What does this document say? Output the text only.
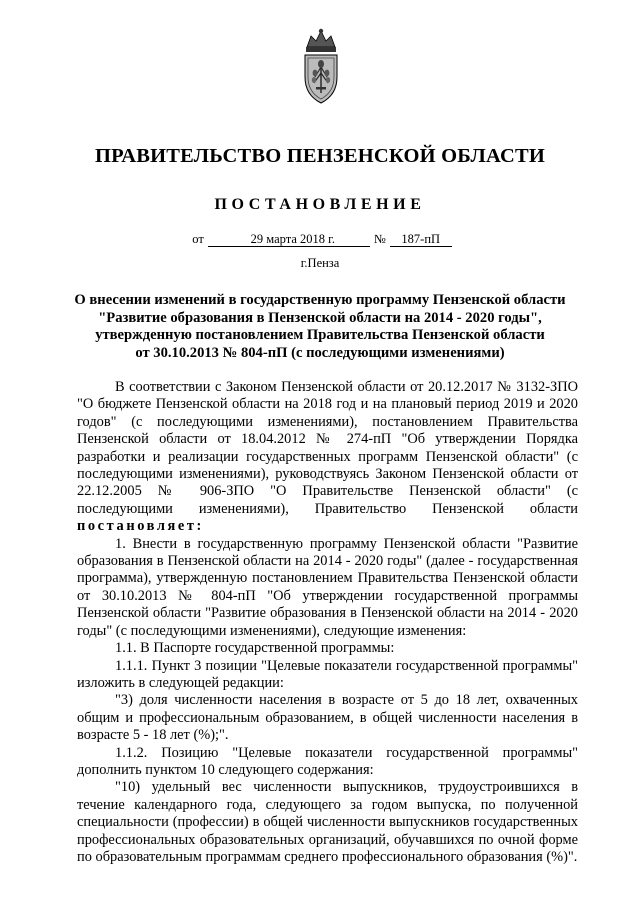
ПРАВИТЕЛЬСТВО ПЕНЗЕНСКОЙ ОБЛАСТИ
ПОСТАНОВЛЕНИЕ
от	29 марта 2018 г.	№ 187-пП
г.Пенза
О внесении изменений в государственную программу Пензенской области
"Развитие образования в Пензенской области на 2014 - 2020 годы",
утвержденную постановлением Правительства Пензенской области
от 30.10.2013 № 804-пП (с последующими изменениями)

В соответствии с Законом Пензенской области от 20.12.2017 № 3132-ЗПО "О бюджете Пензенской области на 2018 год и на плановый период 2019 и 2020 годов" (с последующими изменениями), постановлением Правительства Пензенской области от 18.04.2012 № 274-пП "Об утверждении Порядка разработки и реализации государственных программ Пензенской области" (с последующими изменениями), руководствуясь Законом Пензенской области от 22.12.2005 № 906-ЗПО "О Правительстве Пензенской области" (с последующими изменениями), Правительство Пензенской области постановляет:

1. Внести в государственную программу Пензенской области "Развитие образования в Пензенской области на 2014 - 2020 годы" (далее - государственная программа), утвержденную постановлением Правительства Пензенской области от 30.10.2013 № 804-пП "Об утверждении государственной программы Пензенской области "Развитие образования в Пензенской области на 2014 - 2020 годы" (с последующими изменениями), следующие изменения:

1.1. В Паспорте государственной программы:

1.1.1. Пункт 3 позиции "Целевые показатели государственной программы" изложить в следующей редакции:

"3) доля численности населения в возрасте от 5 до 18 лет, охваченных общим и профессиональным образованием, в общей численности населения в возрасте 5 - 18 лет (%);".

1.1.2. Позицию "Целевые показатели государственной программы" дополнить пунктом 10 следующего содержания:

"10) удельный вес численности выпускников, трудоустроившихся в течение календарного года, следующего за годом выпуска, по полученной специальности (профессии) в общей численности выпускников государственных профессиональных образовательных организаций, обучавшихся по очной форме по образовательным программам среднего профессионального образования (%)".
